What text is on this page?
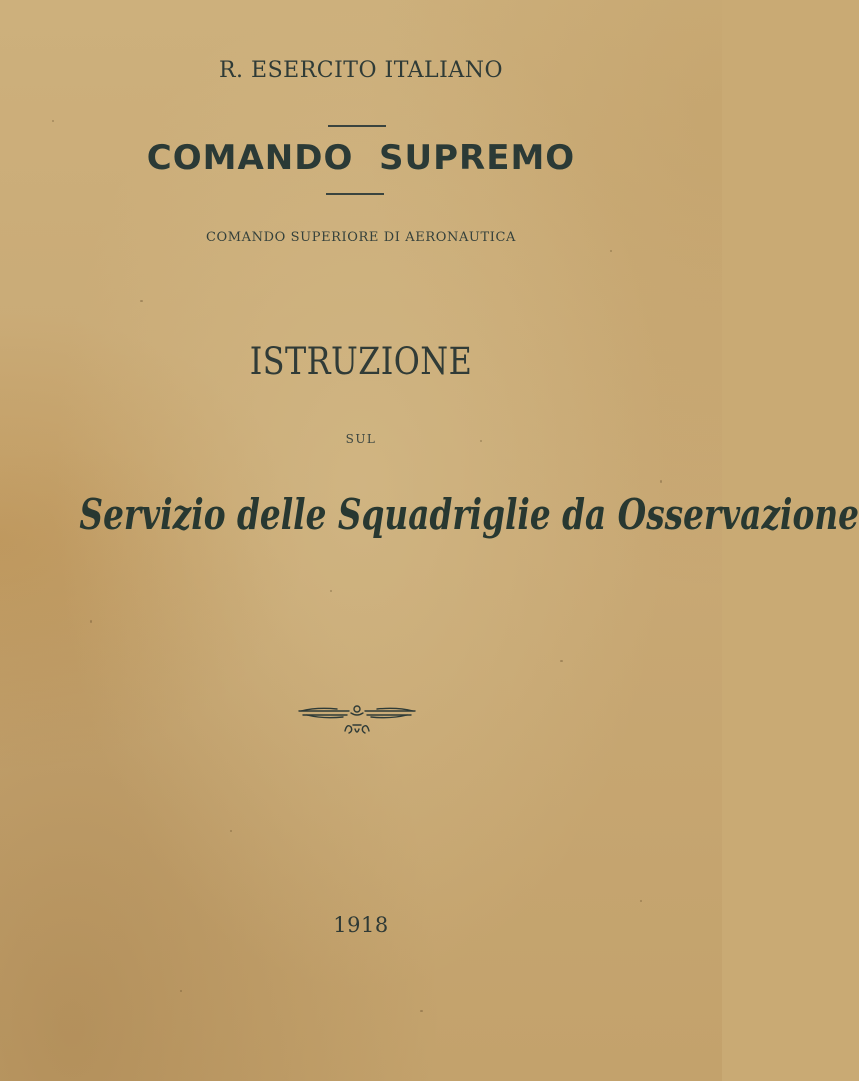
R. ESERCITO ITALIANO
COMANDO  SUPREMO
COMANDO SUPERIORE DI AERONAUTICA
ISTRUZIONE
SUL
Servizio delle Squadriglie da Osservazione
1918
